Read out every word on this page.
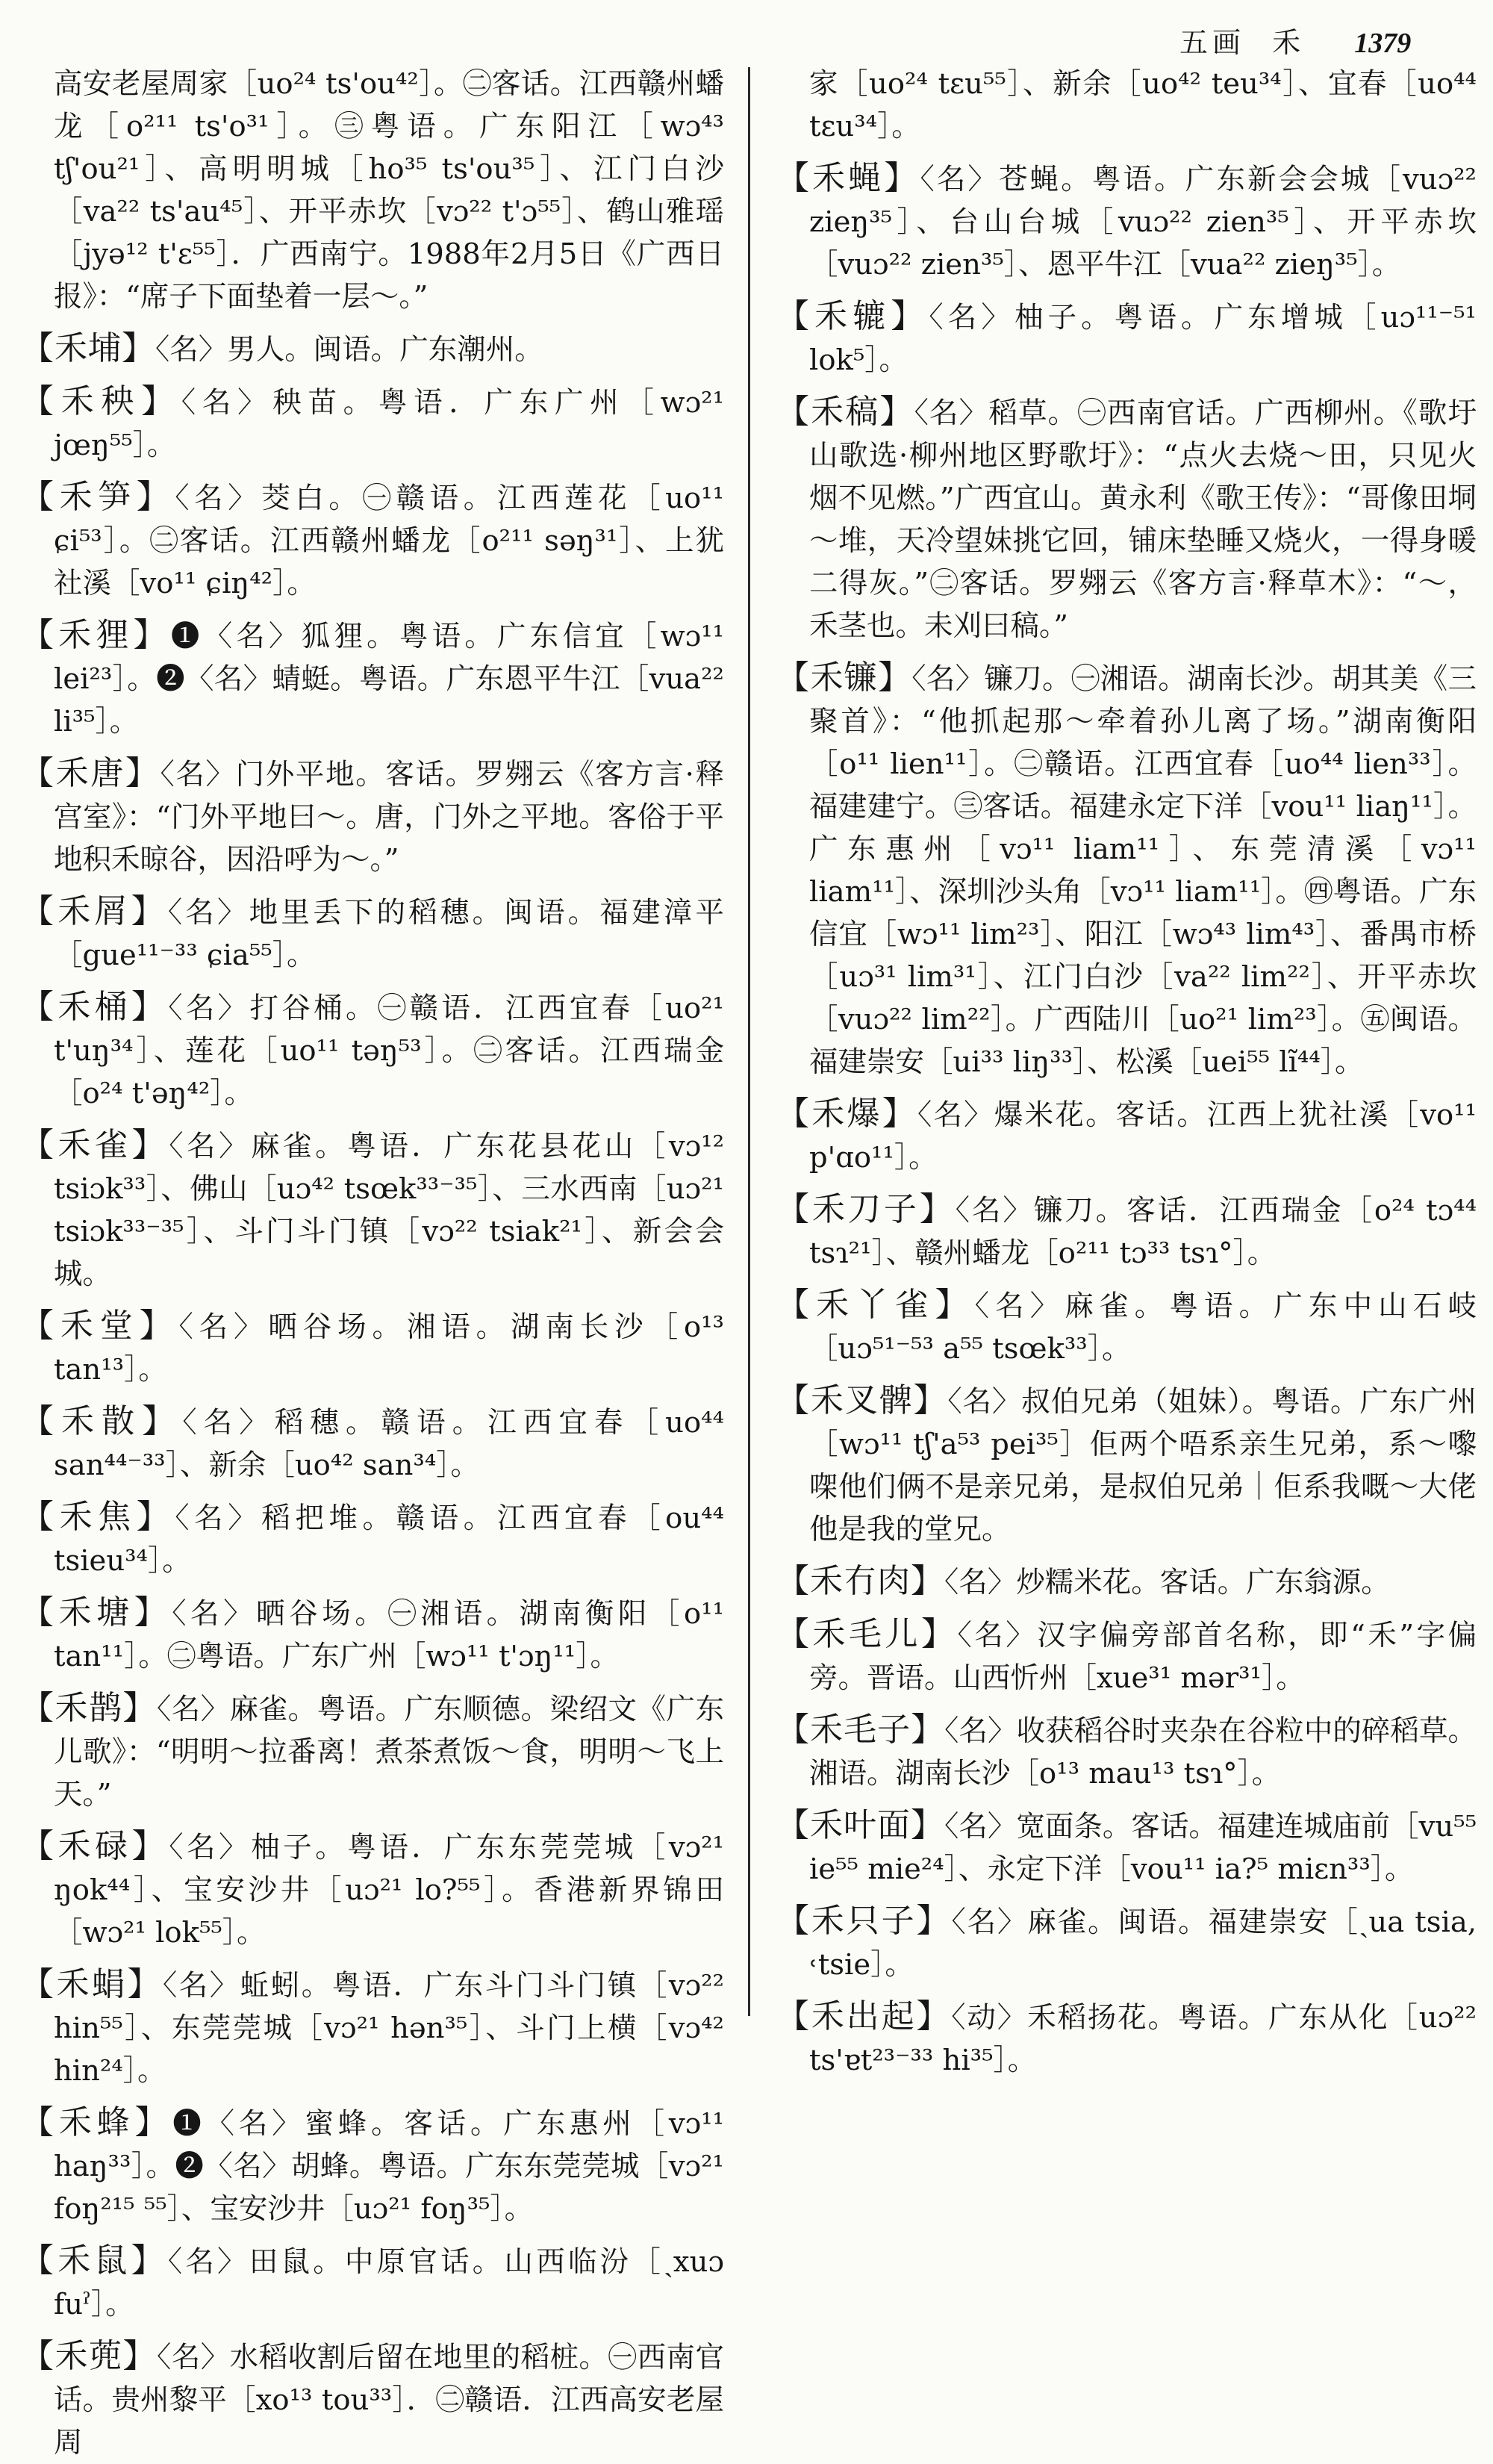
五画 禾 1379
高安老屋周家［uo²⁴ ts'ou⁴²］。㊁客话。江西赣州蟠龙［o²¹¹ ts'o³¹］。㊂粤语。广东阳江［wɔ⁴³ tʃ'ou²¹］、高明明城［ho³⁵ ts'ou³⁵］、江门白沙［va²² ts'au⁴⁵］、开平赤坎［vɔ²² t'ɔ⁵⁵］、鹤山雅瑶［jyə¹² t'ε⁵⁵］．广西南宁。1988年2月5日《广西日报》：“席子下面垫着一层～。”
【禾埔】〈名〉男人。闽语。广东潮州。
【禾秧】〈名〉秧苗。粤语．广东广州［wɔ²¹ jœŋ⁵⁵］。
【禾笋】〈名〉茭白。㊀赣语。江西莲花［uo¹¹ ɕi⁵³］。㊁客话。江西赣州蟠龙［o²¹¹ səŋ³¹］、上犹社溪［vo¹¹ ɕiŋ⁴²］。
【禾狸】❶〈名〉狐狸。粤语。广东信宜［wɔ¹¹ lei²³］。❷〈名〉蜻蜓。粤语。广东恩平牛江［vua²² li³⁵］。
【禾唐】〈名〉门外平地。客话。罗翙云《客方言·释宫室》：“门外平地曰～。唐，门外之平地。客俗于平地积禾晾谷，因沿呼为～。”
【禾屑】〈名〉地里丢下的稻穗。闽语。福建漳平［gue¹¹⁻³³ ɕia⁵⁵］。
【禾桶】〈名〉打谷桶。㊀赣语．江西宜春［uo²¹ t'uŋ³⁴］、莲花［uo¹¹ təŋ⁵³］。㊁客话。江西瑞金［o²⁴ t'əŋ⁴²］。
【禾雀】〈名〉麻雀。粤语．广东花县花山［vɔ¹² tsiɔk³³］、佛山［uɔ⁴² tsœk³³⁻³⁵］、三水西南［uɔ²¹ tsiɔk³³⁻³⁵］、斗门斗门镇［vɔ²² tsiak²¹］、新会会城。
【禾堂】〈名〉晒谷场。湘语。湖南长沙［o¹³ tan¹³］。
【禾散】〈名〉稻穗。赣语。江西宜春［uo⁴⁴ san⁴⁴⁻³³］、新余［uo⁴² san³⁴］。
【禾焦】〈名〉稻把堆。赣语。江西宜春［ou⁴⁴ tsieu³⁴］。
【禾塘】〈名〉晒谷场。㊀湘语。湖南衡阳［o¹¹ tan¹¹］。㊁粤语。广东广州［wɔ¹¹ t'ɔŋ¹¹］。
【禾鹊】〈名〉麻雀。粤语。广东顺德。梁绍文《广东儿歌》：“明明～拉番离！煮茶煮饭～食，明明～飞上天。”
【禾碌】〈名〉柚子。粤语．广东东莞莞城［vɔ²¹ ŋok⁴⁴］、宝安沙井［uɔ²¹ lo?⁵⁵］。香港新界锦田［wɔ²¹ lok⁵⁵］。
【禾蜎】〈名〉蚯蚓。粤语．广东斗门斗门镇［vɔ²² hin⁵⁵］、东莞莞城［vɔ²¹ hən³⁵］、斗门上横［vɔ⁴² hin²⁴］。
【禾蜂】❶〈名〉蜜蜂。客话。广东惠州［vɔ¹¹ haŋ³³］。❷〈名〉胡蜂。粤语。广东东莞莞城［vɔ²¹ foŋ²¹⁵ ⁵⁵］、宝安沙井［uɔ²¹ foŋ³⁵］。
【禾鼠】〈名〉田鼠。中原官话。山西临汾［ˏxuɔ fuˀ］。
【禾蔸】〈名〉水稻收割后留在地里的稻桩。㊀西南官话。贵州黎平［xo¹³ tou³³］．㊁赣语．江西高安老屋周
家［uo²⁴ tεu⁵⁵］、新余［uo⁴² teu³⁴］、宜春［uo⁴⁴ tεu³⁴］。
【禾蝇】〈名〉苍蝇。粤语。广东新会会城［vuɔ²² zieŋ³⁵］、台山台城［vuɔ²² zien³⁵］、开平赤坎［vuɔ²² zien³⁵］、恩平牛江［vua²² zieŋ³⁵］。
【禾辘】〈名〉柚子。粤语。广东增城［uɔ¹¹⁻⁵¹ lok⁵］。
【禾稿】〈名〉稻草。㊀西南官话。广西柳州。《歌圩山歌选·柳州地区野歌圩》：“点火去烧～田，只见火烟不见燃。”广西宜山。黄永利《歌王传》：“哥像田垌～堆，天冷望妹挑它回，铺床垫睡又烧火，一得身暖二得灰。”㊁客话。罗翙云《客方言·释草木》：“～，禾茎也。未刈曰稿。”
【禾镰】〈名〉镰刀。㊀湘语。湖南长沙。胡其美《三聚首》：“他抓起那～牵着孙儿离了场。”湖南衡阳［o¹¹ lien¹¹］。㊁赣语。江西宜春［uo⁴⁴ lien³³］。福建建宁。㊂客话。福建永定下洋［vou¹¹ liaŋ¹¹］。广东惠州［vɔ¹¹ liam¹¹］、东莞清溪［vɔ¹¹ liam¹¹］、深圳沙头角［vɔ¹¹ liam¹¹］。㊃粤语。广东信宜［wɔ¹¹ lim²³］、阳江［wɔ⁴³ lim⁴³］、番禺市桥［uɔ³¹ lim³¹］、江门白沙［va²² lim²²］、开平赤坎［vuɔ²² lim²²］。广西陆川［uo²¹ lim²³］。㊄闽语。福建崇安［ui³³ liŋ³³］、松溪［uei⁵⁵ lĩ⁴⁴］。
【禾爆】〈名〉爆米花。客话。江西上犹社溪［vo¹¹ p'ɑo¹¹］。
【禾刀子】〈名〉镰刀。客话．江西瑞金［o²⁴ tɔ⁴⁴ tsɿ²¹］、赣州蟠龙［o²¹¹ tɔ³³ tsɿ°］。
【禾丫雀】〈名〉麻雀。粤语。广东中山石岐［uɔ⁵¹⁻⁵³ a⁵⁵ tsœk³³］。
【禾叉髀】〈名〉叔伯兄弟（姐妹）。粤语。广东广州［wɔ¹¹ tʃ'a⁵³ pei³⁵］佢两个唔系亲生兄弟，系～嚟㗎他们俩不是亲兄弟，是叔伯兄弟｜佢系我嘅～大佬他是我的堂兄。
【禾冇肉】〈名〉炒糯米花。客话。广东翁源。
【禾毛儿】〈名〉汉字偏旁部首名称，即“禾”字偏旁。晋语。山西忻州［xue³¹ mər³¹］。
【禾毛子】〈名〉收获稻谷时夹杂在谷粒中的碎稻草。湘语。湖南长沙［o¹³ mau¹³ tsɿ°］。
【禾叶面】〈名〉宽面条。客话。福建连城庙前［vu⁵⁵ ie⁵⁵ mie²⁴］、永定下洋［vou¹¹ ia?⁵ miεn³³］。
【禾只子】〈名〉麻雀。闽语。福建崇安［ˏua tsia, ˓tsie］。
【禾出起】〈动〉禾稻扬花。粤语。广东从化［uɔ²² ts'ɐt²³⁻³³ hi³⁵］。
